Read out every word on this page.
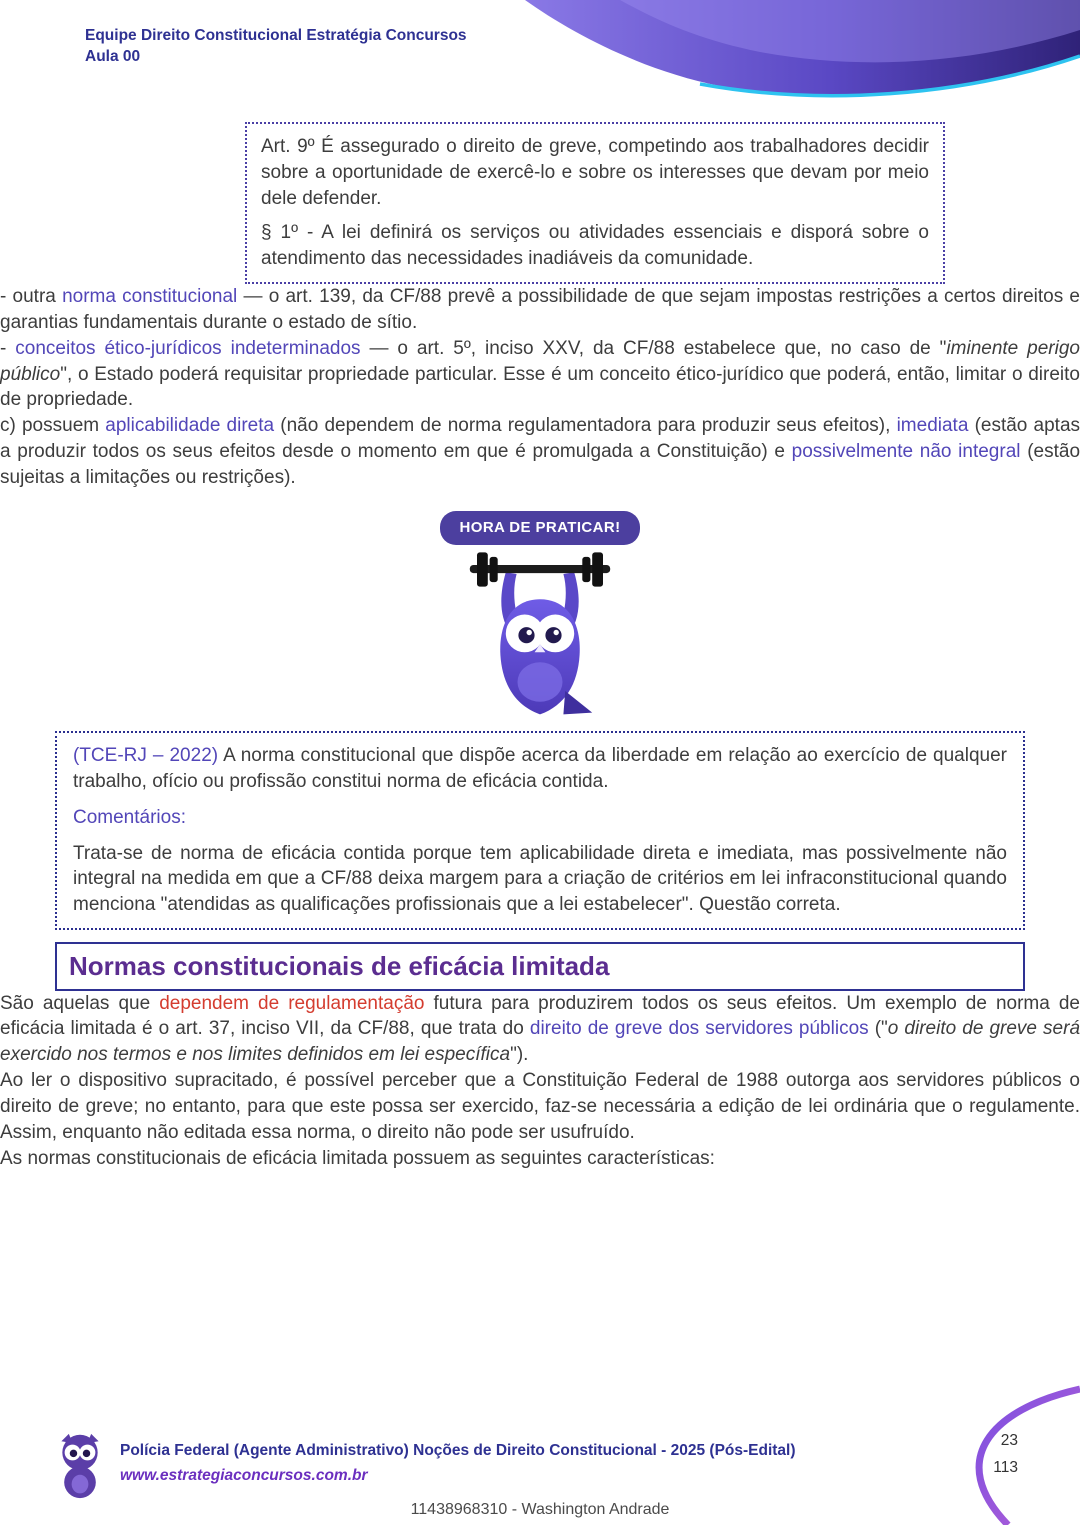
Equipe Direito Constitucional Estratégia Concursos
Aula 00

Art. 9º É assegurado o direito de greve, competindo aos trabalhadores decidir sobre a oportunidade de exercê-lo e sobre os interesses que devam por meio dele defender.

§ 1º - A lei definirá os serviços ou atividades essenciais e disporá sobre o atendimento das necessidades inadiáveis da comunidade.

- outra norma constitucional — o art. 139, da CF/88 prevê a possibilidade de que sejam impostas restrições a certos direitos e garantias fundamentais durante o estado de sítio.

- conceitos ético-jurídicos indeterminados — o art. 5º, inciso XXV, da CF/88 estabelece que, no caso de "iminente perigo público", o Estado poderá requisitar propriedade particular. Esse é um conceito ético-jurídico que poderá, então, limitar o direito de propriedade.

c) possuem aplicabilidade direta (não dependem de norma regulamentadora para produzir seus efeitos), imediata (estão aptas a produzir todos os seus efeitos desde o momento em que é promulgada a Constituição) e possivelmente não integral (estão sujeitas a limitações ou restrições).

HORA DE PRATICAR!

(TCE-RJ – 2022) A norma constitucional que dispõe acerca da liberdade em relação ao exercício de qualquer trabalho, ofício ou profissão constitui norma de eficácia contida.

Comentários:

Trata-se de norma de eficácia contida porque tem aplicabilidade direta e imediata, mas possivelmente não integral na medida em que a CF/88 deixa margem para a criação de critérios em lei infraconstitucional quando menciona "atendidas as qualificações profissionais que a lei estabelecer". Questão correta.

Normas constitucionais de eficácia limitada

São aquelas que dependem de regulamentação futura para produzirem todos os seus efeitos. Um exemplo de norma de eficácia limitada é o art. 37, inciso VII, da CF/88, que trata do direito de greve dos servidores públicos ("o direito de greve será exercido nos termos e nos limites definidos em lei específica").

Ao ler o dispositivo supracitado, é possível perceber que a Constituição Federal de 1988 outorga aos servidores públicos o direito de greve; no entanto, para que este possa ser exercido, faz-se necessária a edição de lei ordinária que o regulamente. Assim, enquanto não editada essa norma, o direito não pode ser usufruído.

As normas constitucionais de eficácia limitada possuem as seguintes características:

Polícia Federal (Agente Administrativo) Noções de Direito Constitucional - 2025 (Pós-Edital)
www.estrategiaconcursos.com.br
23
113
11438968310 - Washington Andrade
